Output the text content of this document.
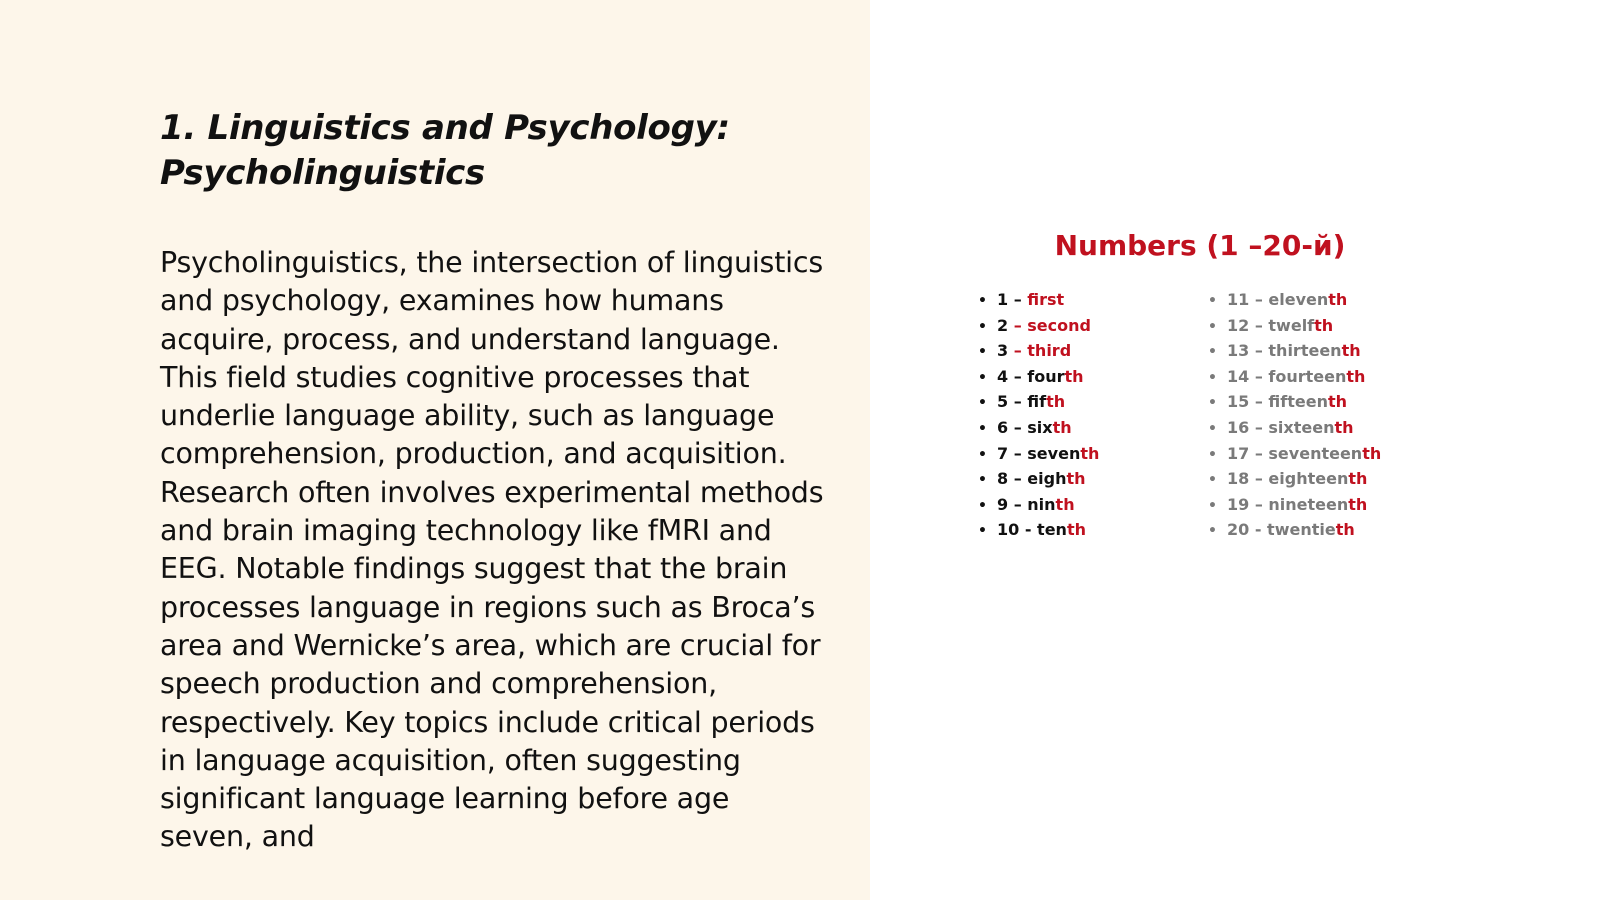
1. Linguistics and Psychology: Psycholinguistics

Psycholinguistics, the intersection of linguistics and psychology, examines how humans acquire, process, and understand language. This field studies cognitive processes that underlie language ability, such as language comprehension, production, and acquisition. Research often involves experimental methods and brain imaging technology like fMRI and EEG. Notable findings suggest that the brain processes language in regions such as Broca’s area and Wernicke’s area, which are crucial for speech production and comprehension, respectively. Key topics include critical periods in language acquisition, often suggesting significant language learning before age seven, and

Numbers (1 –20-й)
• 1 – first
• 2 – second
• 3 – third
• 4 – fourth
• 5 – fifth
• 6 – sixth
• 7 – seventh
• 8 – eighth
• 9 – ninth
• 10 - tenth
• 11 – eleventh
• 12 – twelfth
• 13 – thirteenth
• 14 – fourteenth
• 15 – fifteenth
• 16 – sixteenth
• 17 – seventeenth
• 18 – eighteenth
• 19 – nineteenth
• 20 - twentieth
